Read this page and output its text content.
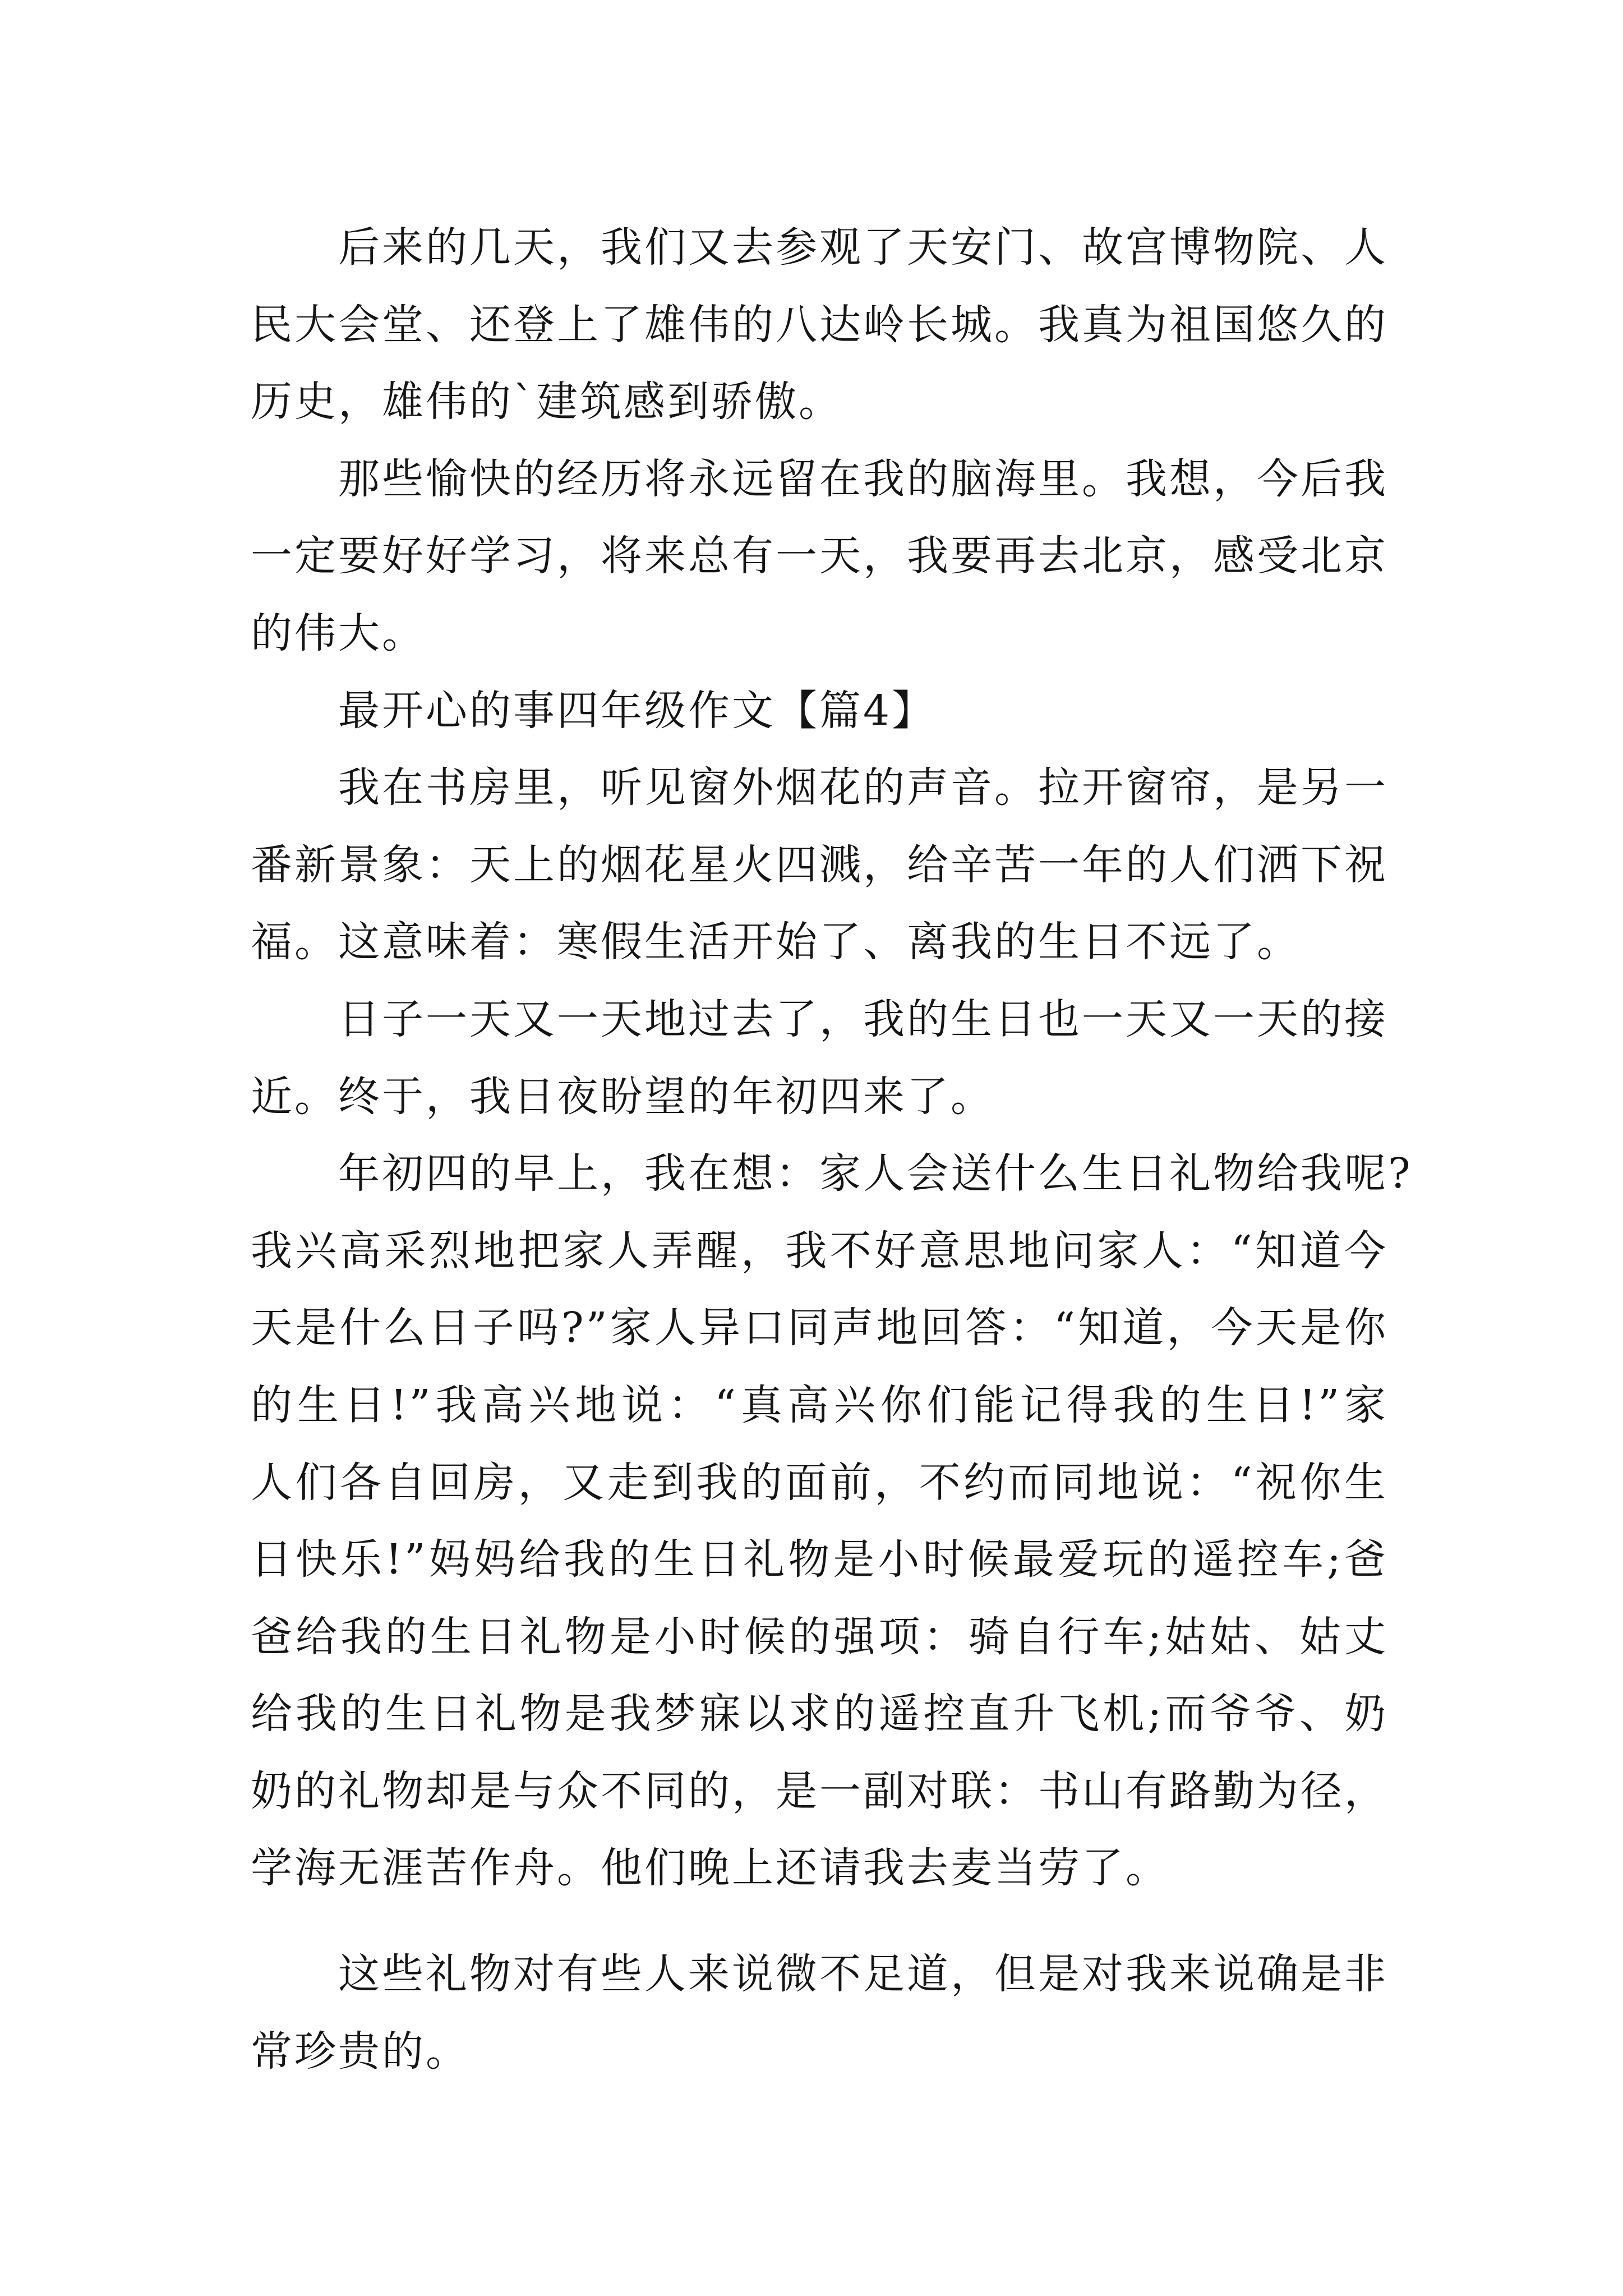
后来的几天，我们又去参观了天安门、故宫博物院、人
民大会堂、还登上了雄伟的八达岭长城。我真为祖国悠久的
历史，雄伟的`建筑感到骄傲。
那些愉快的经历将永远留在我的脑海里。我想，今后我
一定要好好学习，将来总有一天，我要再去北京，感受北京
的伟大。
最开心的事四年级作文【篇4】
我在书房里，听见窗外烟花的声音。拉开窗帘，是另一
番新景象：天上的烟花星火四溅，给辛苦一年的人们洒下祝
福。这意味着：寒假生活开始了、离我的生日不远了。
日子一天又一天地过去了，我的生日也一天又一天的接
近。终于，我日夜盼望的年初四来了。
年初四的早上，我在想：家人会送什么生日礼物给我呢?
我兴高采烈地把家人弄醒，我不好意思地问家人：“知道今
天是什么日子吗?”家人异口同声地回答：“知道，今天是你
的生日!”我高兴地说：“真高兴你们能记得我的生日!”家
人们各自回房，又走到我的面前，不约而同地说：“祝你生
日快乐!”妈妈给我的生日礼物是小时候最爱玩的遥控车;爸
爸给我的生日礼物是小时候的强项：骑自行车;姑姑、姑丈
给我的生日礼物是我梦寐以求的遥控直升飞机;而爷爷、奶
奶的礼物却是与众不同的，是一副对联：书山有路勤为径，
学海无涯苦作舟。他们晚上还请我去麦当劳了。
这些礼物对有些人来说微不足道，但是对我来说确是非
常珍贵的。
